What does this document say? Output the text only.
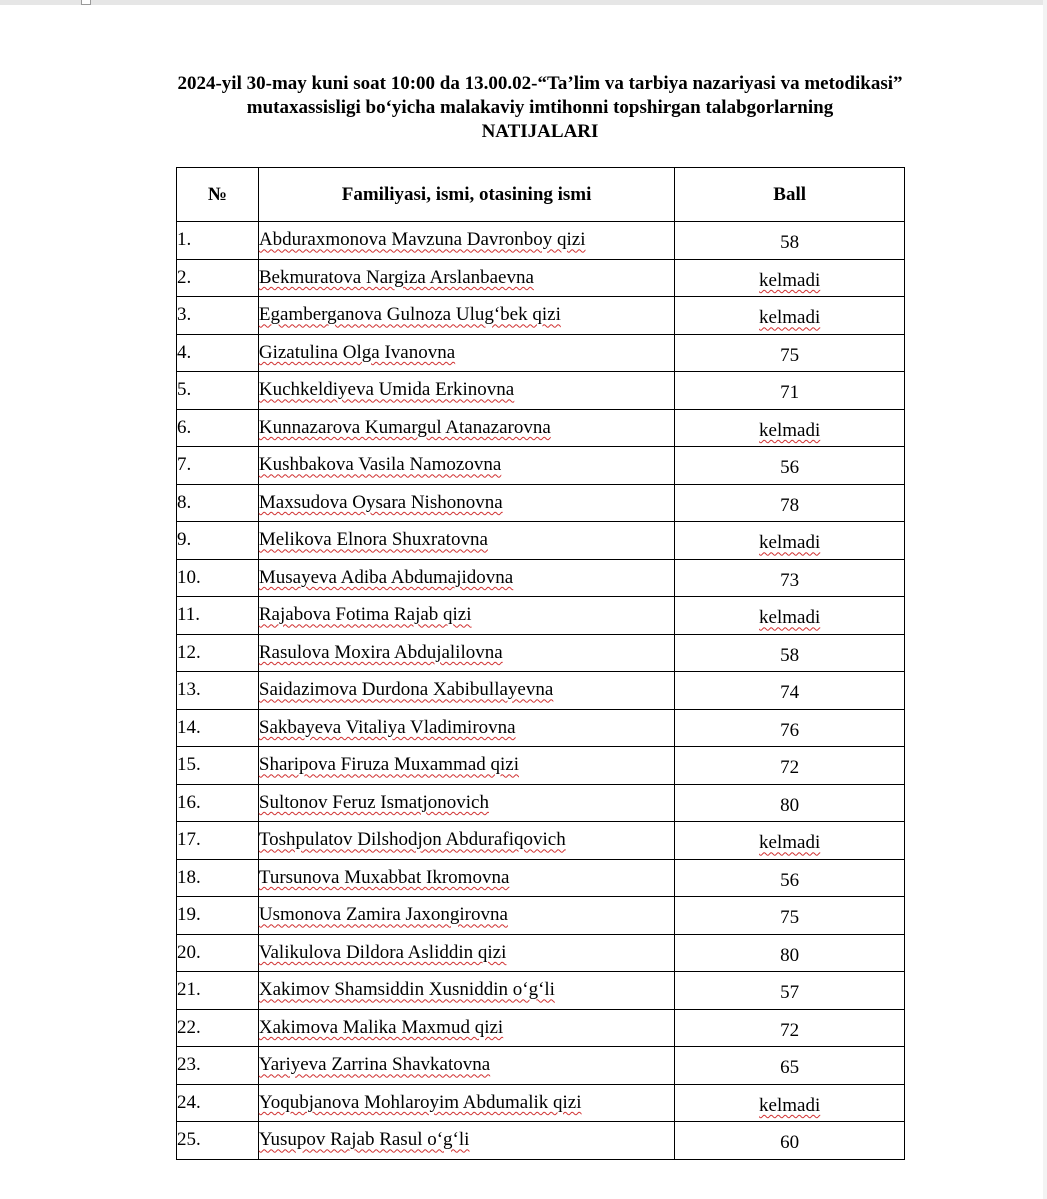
2024-yil 30-may kuni soat 10:00 da 13.00.02-“Ta’lim va tarbiya nazariyasi va metodikasi”
mutaxassisligi bo‘yicha malakaviy imtihonni topshirgan talabgorlarning
NATIJALARI
№	Familiyasi, ismi, otasining ismi	Ball
1.	Abduraxmonova Mavzuna Davronboy qizi	58
2.	Bekmuratova Nargiza Arslanbaevna	kelmadi
3.	Egamberganova Gulnoza Ulug‘bek qizi	kelmadi
4.	Gizatulina Olga Ivanovna	75
5.	Kuchkeldiyeva Umida Erkinovna	71
6.	Kunnazarova Kumargul Atanazarovna	kelmadi
7.	Kushbakova Vasila Namozovna	56
8.	Maxsudova Oysara Nishonovna	78
9.	Melikova Elnora Shuxratovna	kelmadi
10.	Musayeva Adiba Abdumajidovna	73
11.	Rajabova Fotima Rajab qizi	kelmadi
12.	Rasulova Moxira Abdujalilovna	58
13.	Saidazimova Durdona Xabibullayevna	74
14.	Sakbayeva Vitaliya Vladimirovna	76
15.	Sharipova Firuza Muxammad qizi	72
16.	Sultonov Feruz Ismatjonovich	80
17.	Toshpulatov Dilshodjon Abdurafiqovich	kelmadi
18.	Tursunova Muxabbat Ikromovna	56
19.	Usmonova Zamira Jaxongirovna	75
20.	Valikulova Dildora Asliddin qizi	80
21.	Xakimov Shamsiddin Xusniddin o‘g‘li	57
22.	Xakimova Malika Maxmud qizi	72
23.	Yariyeva Zarrina Shavkatovna	65
24.	Yoqubjanova Mohlaroyim Abdumalik qizi	kelmadi
25.	Yusupov Rajab Rasul o‘g‘li	60
